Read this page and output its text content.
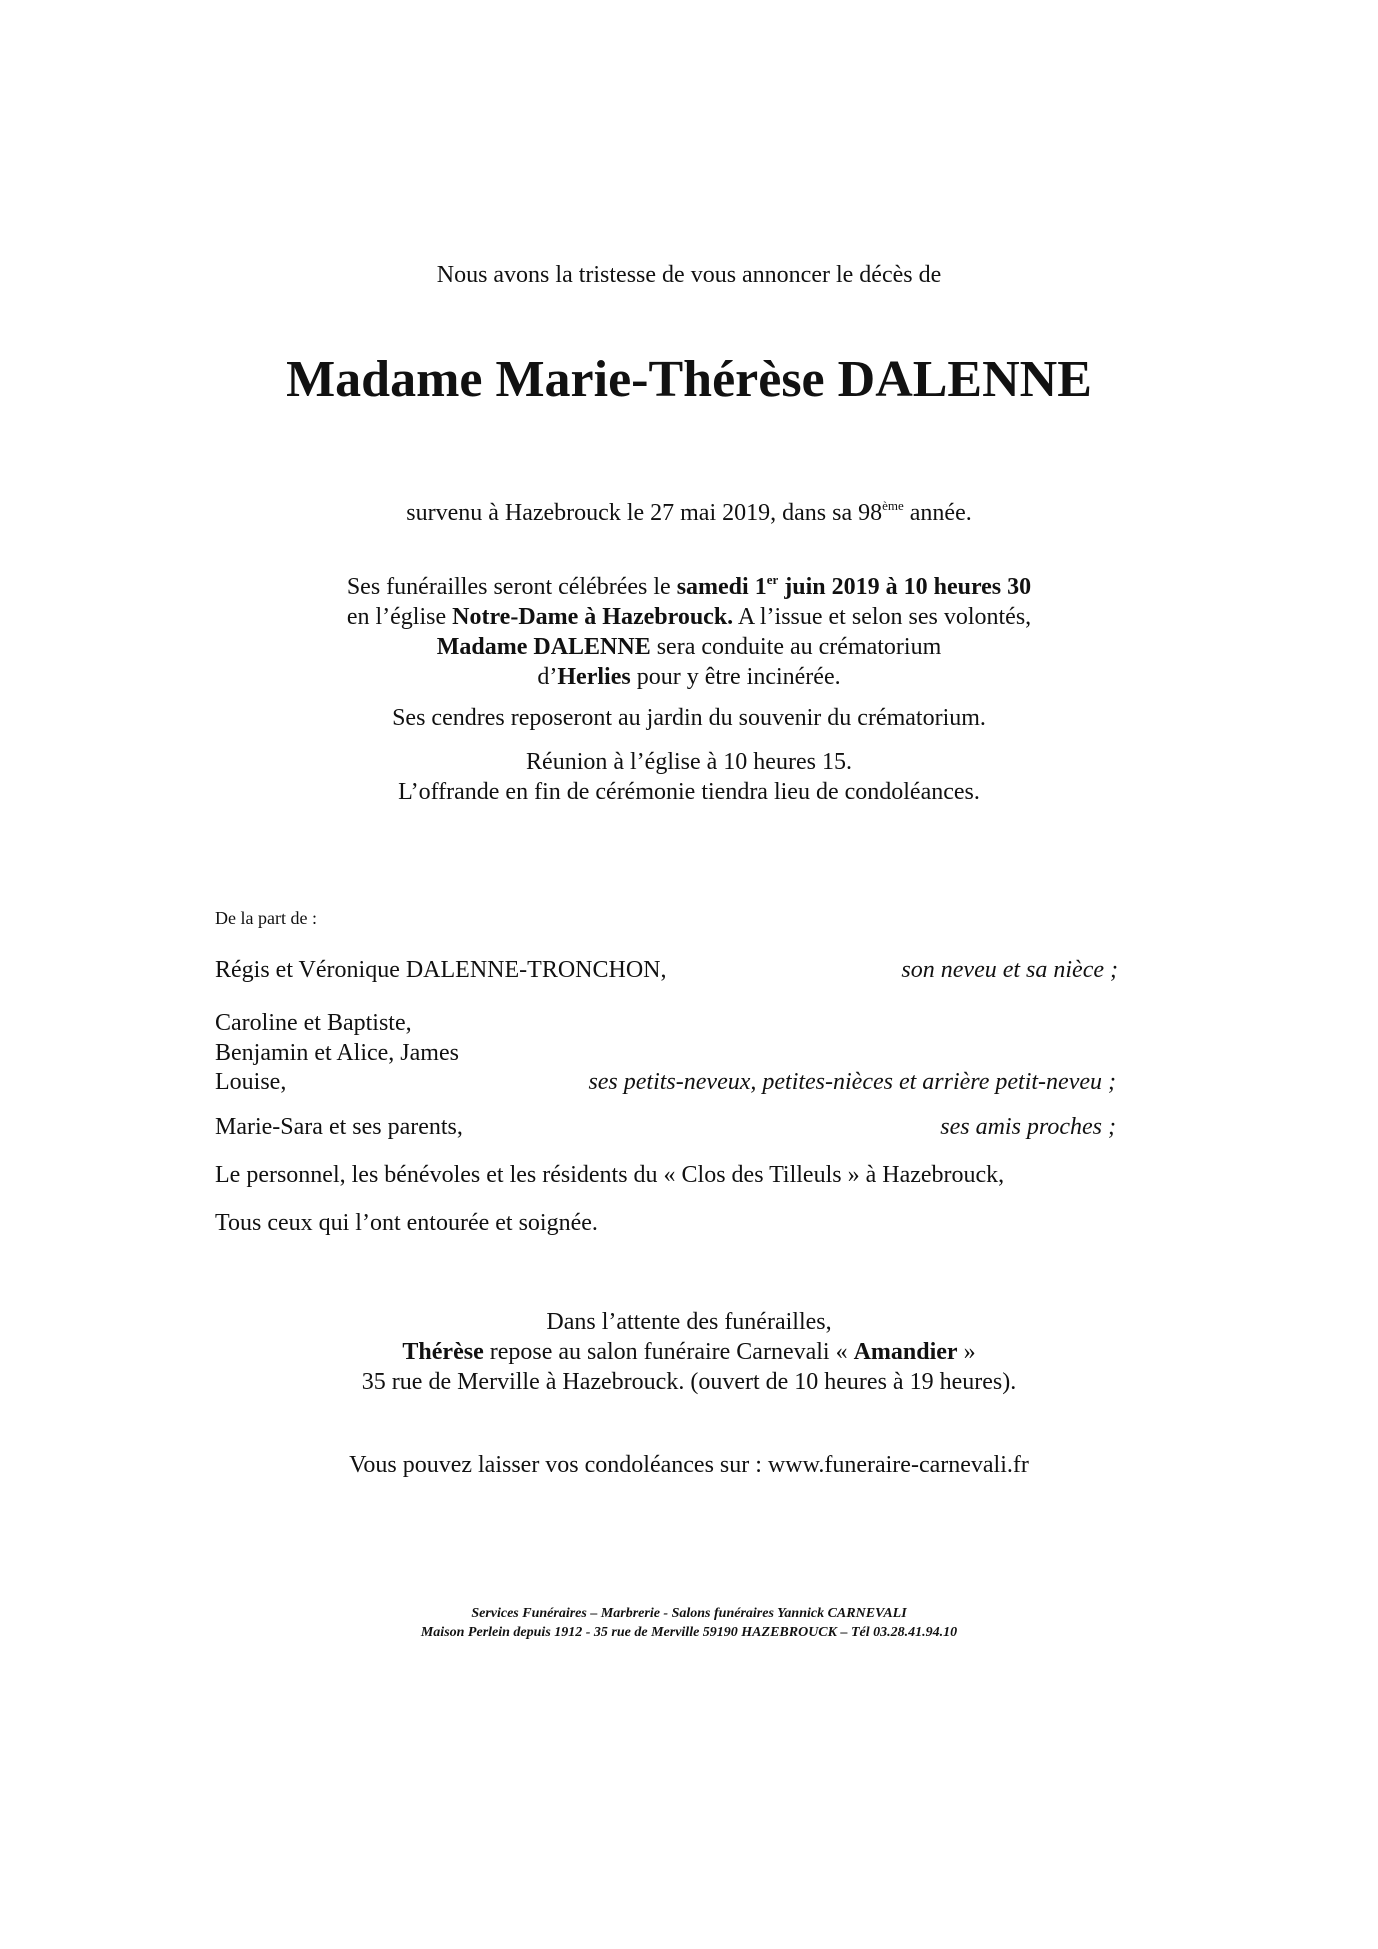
Nous avons la tristesse de vous annoncer le décès de
Madame Marie-Thérèse DALENNE
survenu à Hazebrouck le 27 mai 2019, dans sa 98ème année.
Ses funérailles seront célébrées le samedi 1er juin 2019 à 10 heures 30
en l’église Notre-Dame à Hazebrouck. A l’issue et selon ses volontés,
Madame DALENNE sera conduite au crématorium
d’Herlies pour y être incinérée.
Ses cendres reposeront au jardin du souvenir du crématorium.
Réunion à l’église à 10 heures 15.
L’offrande en fin de cérémonie tiendra lieu de condoléances.
De la part de :
Régis et Véronique DALENNE-TRONCHON,	son neveu et sa nièce ;
Caroline et Baptiste,
Benjamin et Alice, James
Louise,	ses petits-neveux, petites-nièces et arrière petit-neveu ;
Marie-Sara et ses parents,	ses amis proches ;
Le personnel, les bénévoles et les résidents du « Clos des Tilleuls » à Hazebrouck,
Tous ceux qui l’ont entourée et soignée.
Dans l’attente des funérailles,
Thérèse repose au salon funéraire Carnevali « Amandier »
35 rue de Merville à Hazebrouck. (ouvert de 10 heures à 19 heures).
Vous pouvez laisser vos condoléances sur : www.funeraire-carnevali.fr
Services Funéraires – Marbrerie - Salons funéraires Yannick CARNEVALI
Maison Perlein depuis 1912 - 35 rue de Merville 59190 HAZEBROUCK – Tél 03.28.41.94.10
